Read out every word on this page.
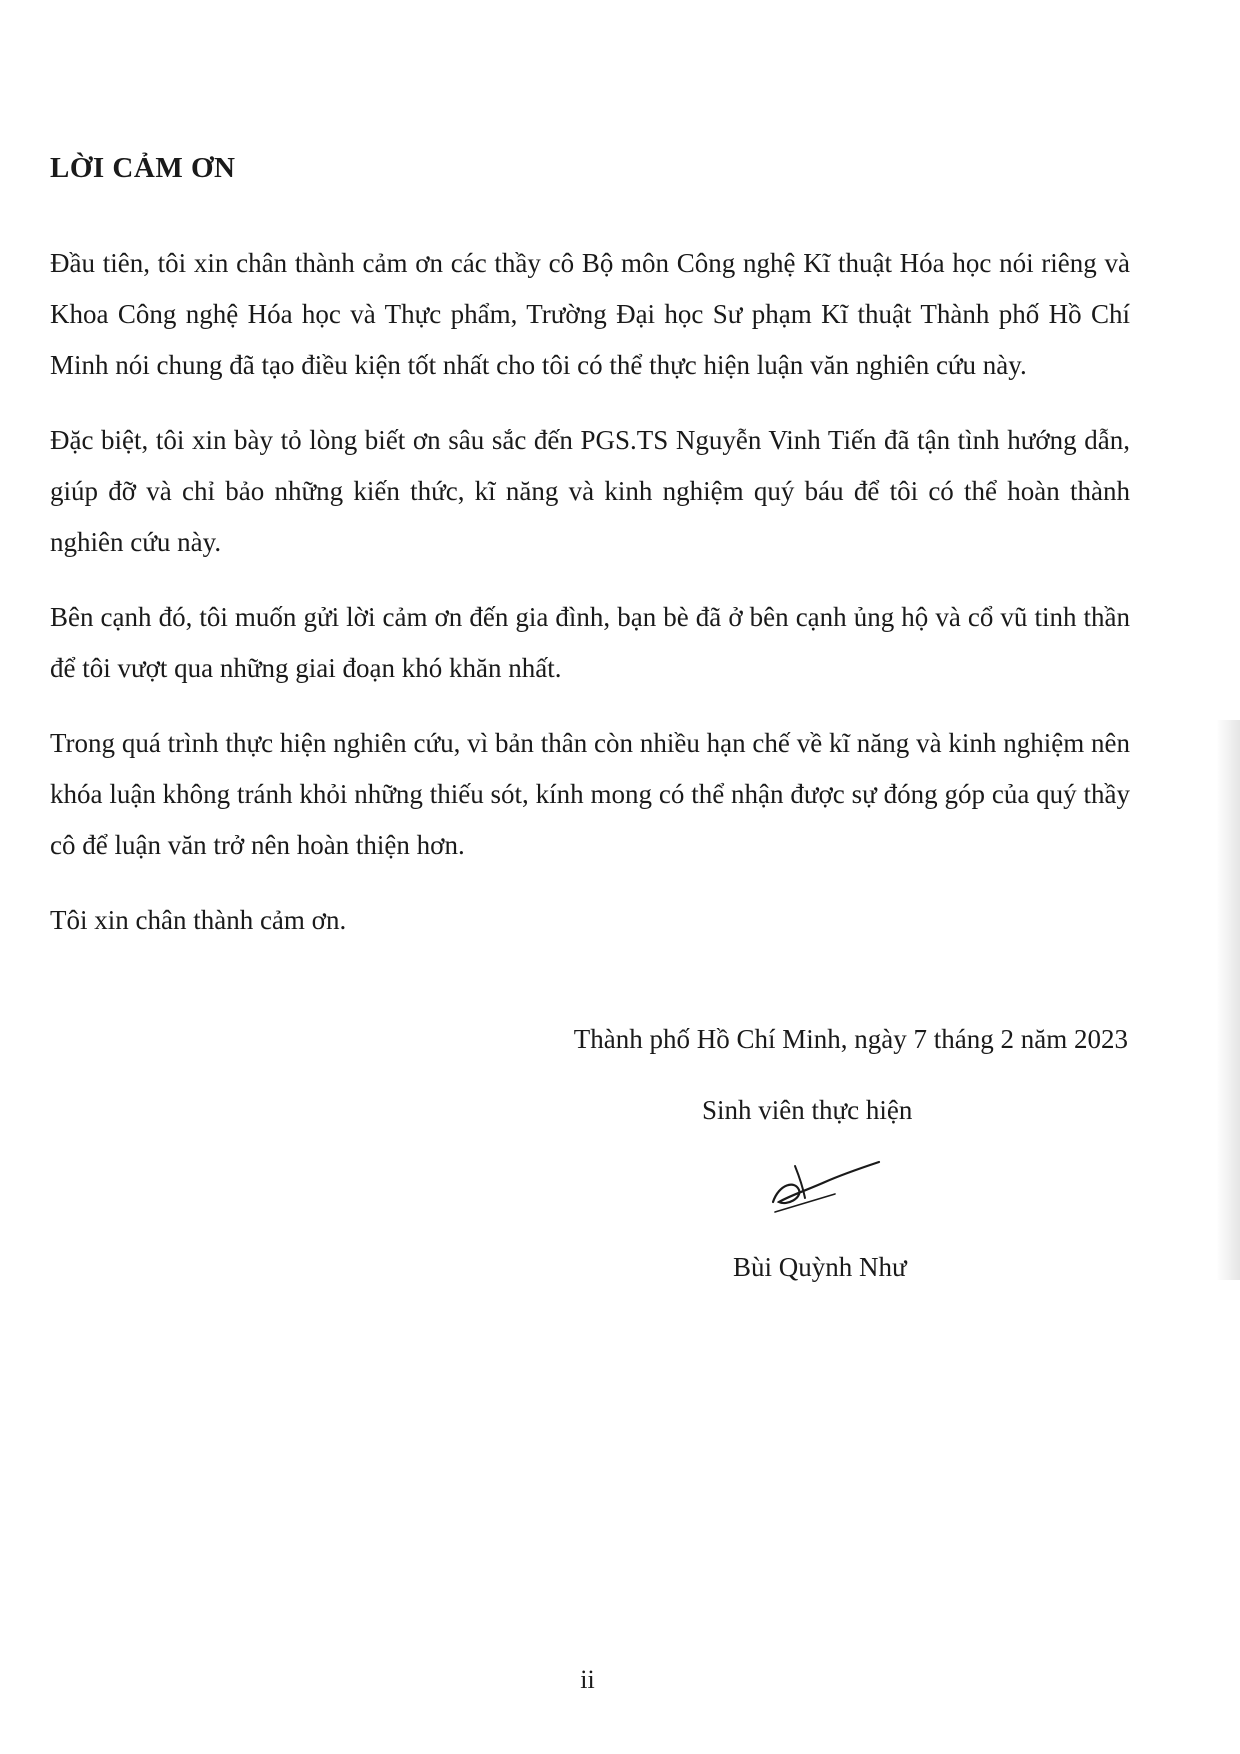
LỜI CẢM ƠN

Đầu tiên, tôi xin chân thành cảm ơn các thầy cô Bộ môn Công nghệ Kĩ thuật Hóa học nói riêng và Khoa Công nghệ Hóa học và Thực phẩm, Trường Đại học Sư phạm Kĩ thuật Thành phố Hồ Chí Minh nói chung đã tạo điều kiện tốt nhất cho tôi có thể thực hiện luận văn nghiên cứu này.

Đặc biệt, tôi xin bày tỏ lòng biết ơn sâu sắc đến PGS.TS Nguyễn Vinh Tiến đã tận tình hướng dẫn, giúp đỡ và chỉ bảo những kiến thức, kĩ năng và kinh nghiệm quý báu để tôi có thể hoàn thành nghiên cứu này.

Bên cạnh đó, tôi muốn gửi lời cảm ơn đến gia đình, bạn bè đã ở bên cạnh ủng hộ và cổ vũ tinh thần để tôi vượt qua những giai đoạn khó khăn nhất.

Trong quá trình thực hiện nghiên cứu, vì bản thân còn nhiều hạn chế về kĩ năng và kinh nghiệm nên khóa luận không tránh khỏi những thiếu sót, kính mong có thể nhận được sự đóng góp của quý thầy cô để luận văn trở nên hoàn thiện hơn.

Tôi xin chân thành cảm ơn.

Thành phố Hồ Chí Minh, ngày 7 tháng 2 năm 2023

Sinh viên thực hiện

Bùi Quỳnh Như

ii
